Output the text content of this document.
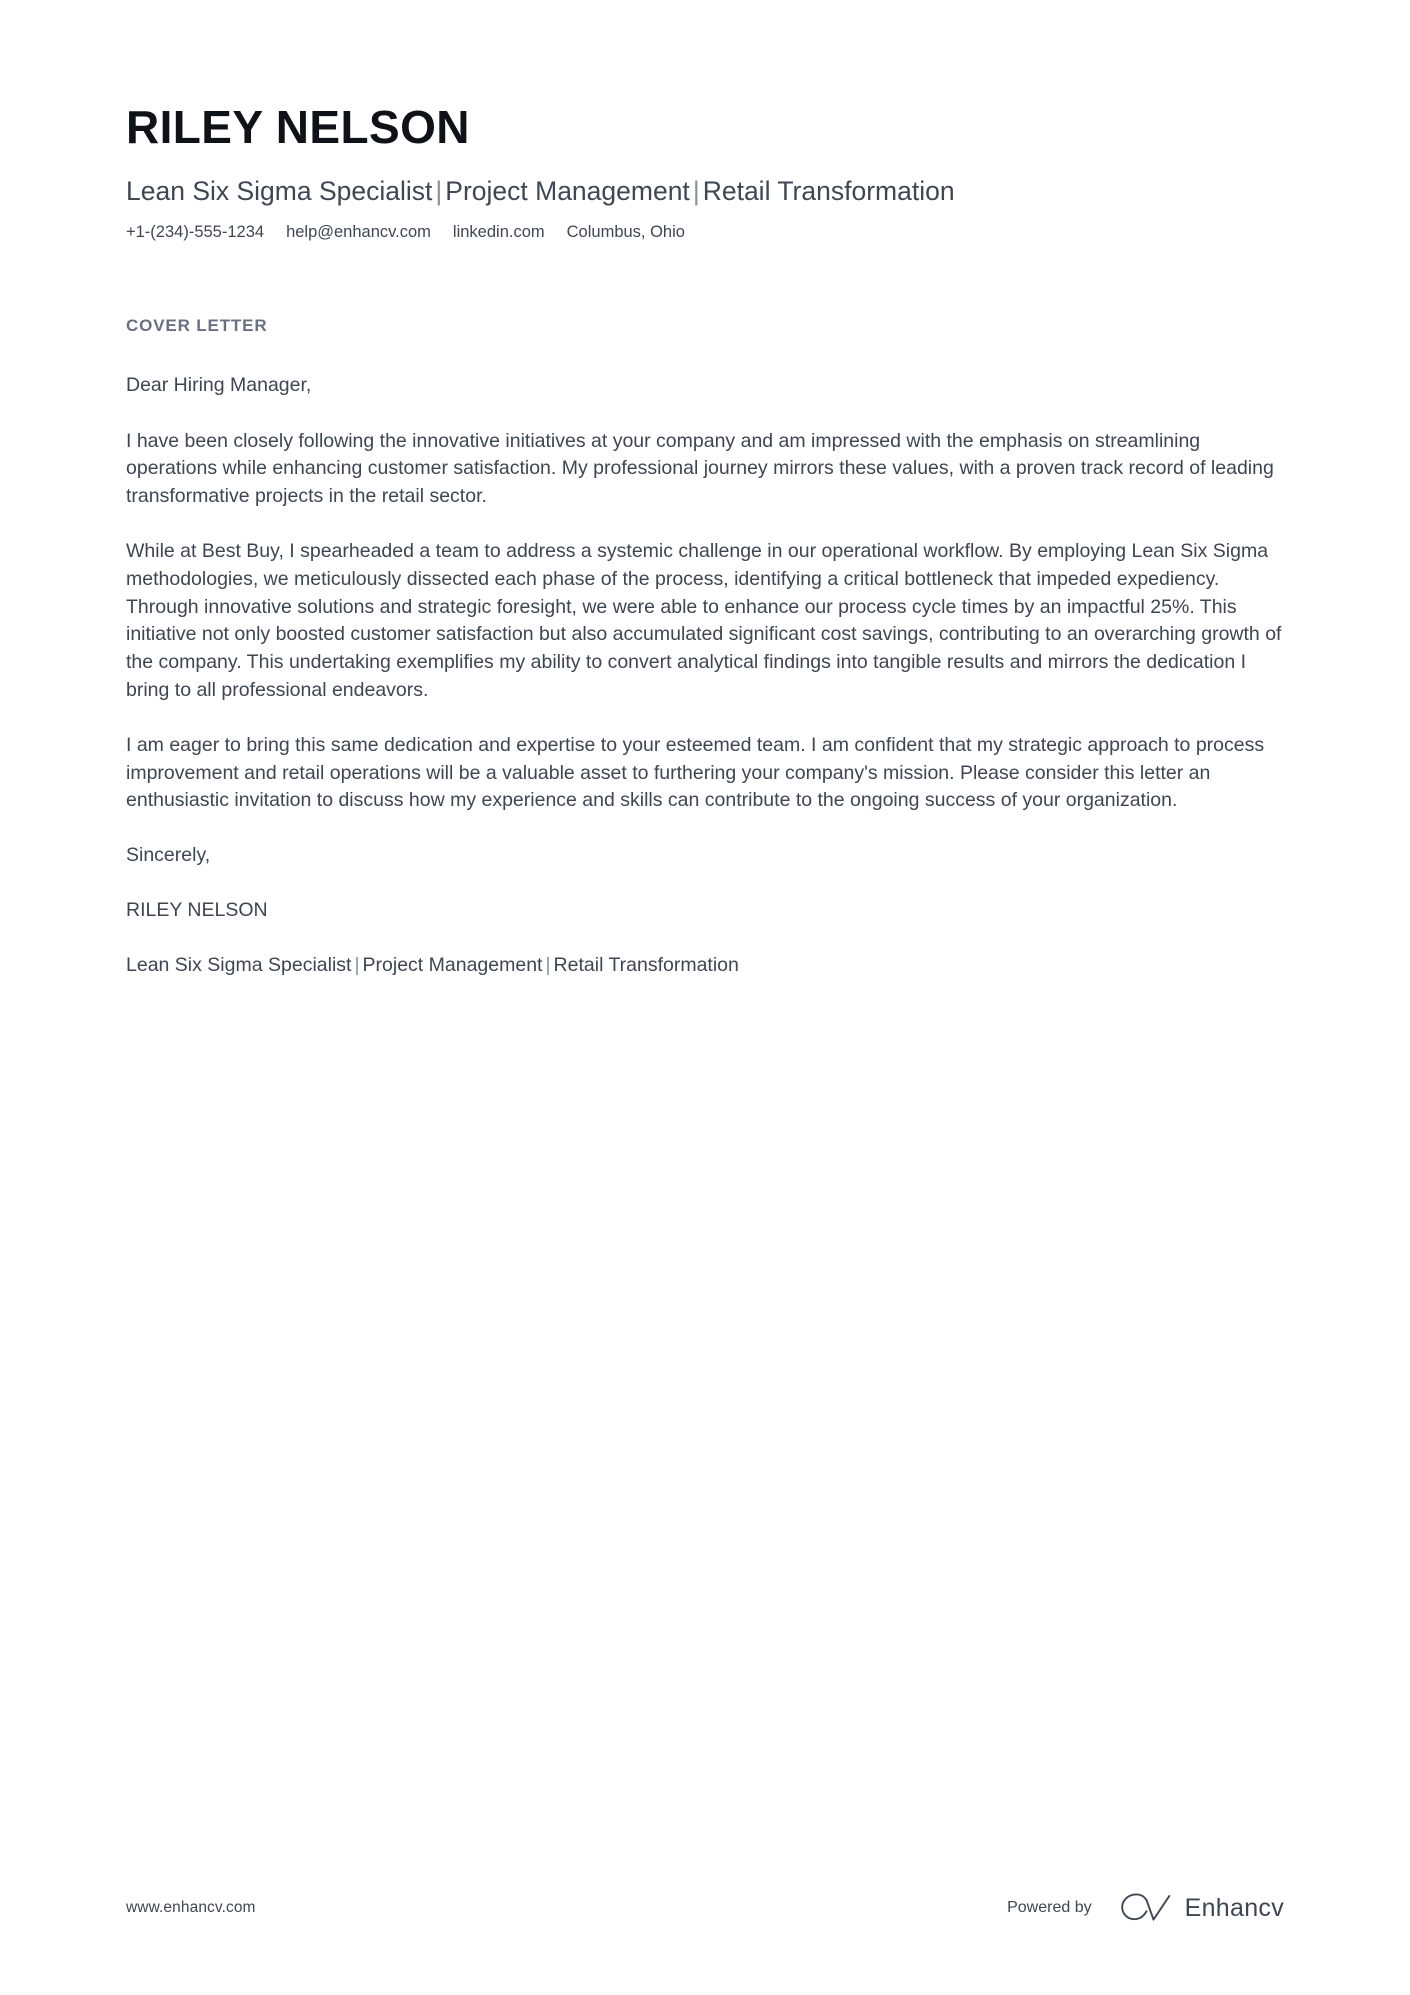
RILEY NELSON
Lean Six Sigma Specialist | Project Management | Retail Transformation
+1-(234)-555-1234 help@enhancv.com linkedin.com Columbus, Ohio
COVER LETTER

Dear Hiring Manager,

I have been closely following the innovative initiatives at your company and am impressed with the emphasis on streamlining operations while enhancing customer satisfaction. My professional journey mirrors these values, with a proven track record of leading transformative projects in the retail sector.

While at Best Buy, I spearheaded a team to address a systemic challenge in our operational workflow. By employing Lean Six Sigma methodologies, we meticulously dissected each phase of the process, identifying a critical bottleneck that impeded expediency. Through innovative solutions and strategic foresight, we were able to enhance our process cycle times by an impactful 25%. This initiative not only boosted customer satisfaction but also accumulated significant cost savings, contributing to an overarching growth of the company. This undertaking exemplifies my ability to convert analytical findings into tangible results and mirrors the dedication I bring to all professional endeavors.

I am eager to bring this same dedication and expertise to your esteemed team. I am confident that my strategic approach to process improvement and retail operations will be a valuable asset to furthering your company's mission. Please consider this letter an enthusiastic invitation to discuss how my experience and skills can contribute to the ongoing success of your organization.

Sincerely,

RILEY NELSON

Lean Six Sigma Specialist | Project Management | Retail Transformation

www.enhancv.com	Powered by	Enhancv
